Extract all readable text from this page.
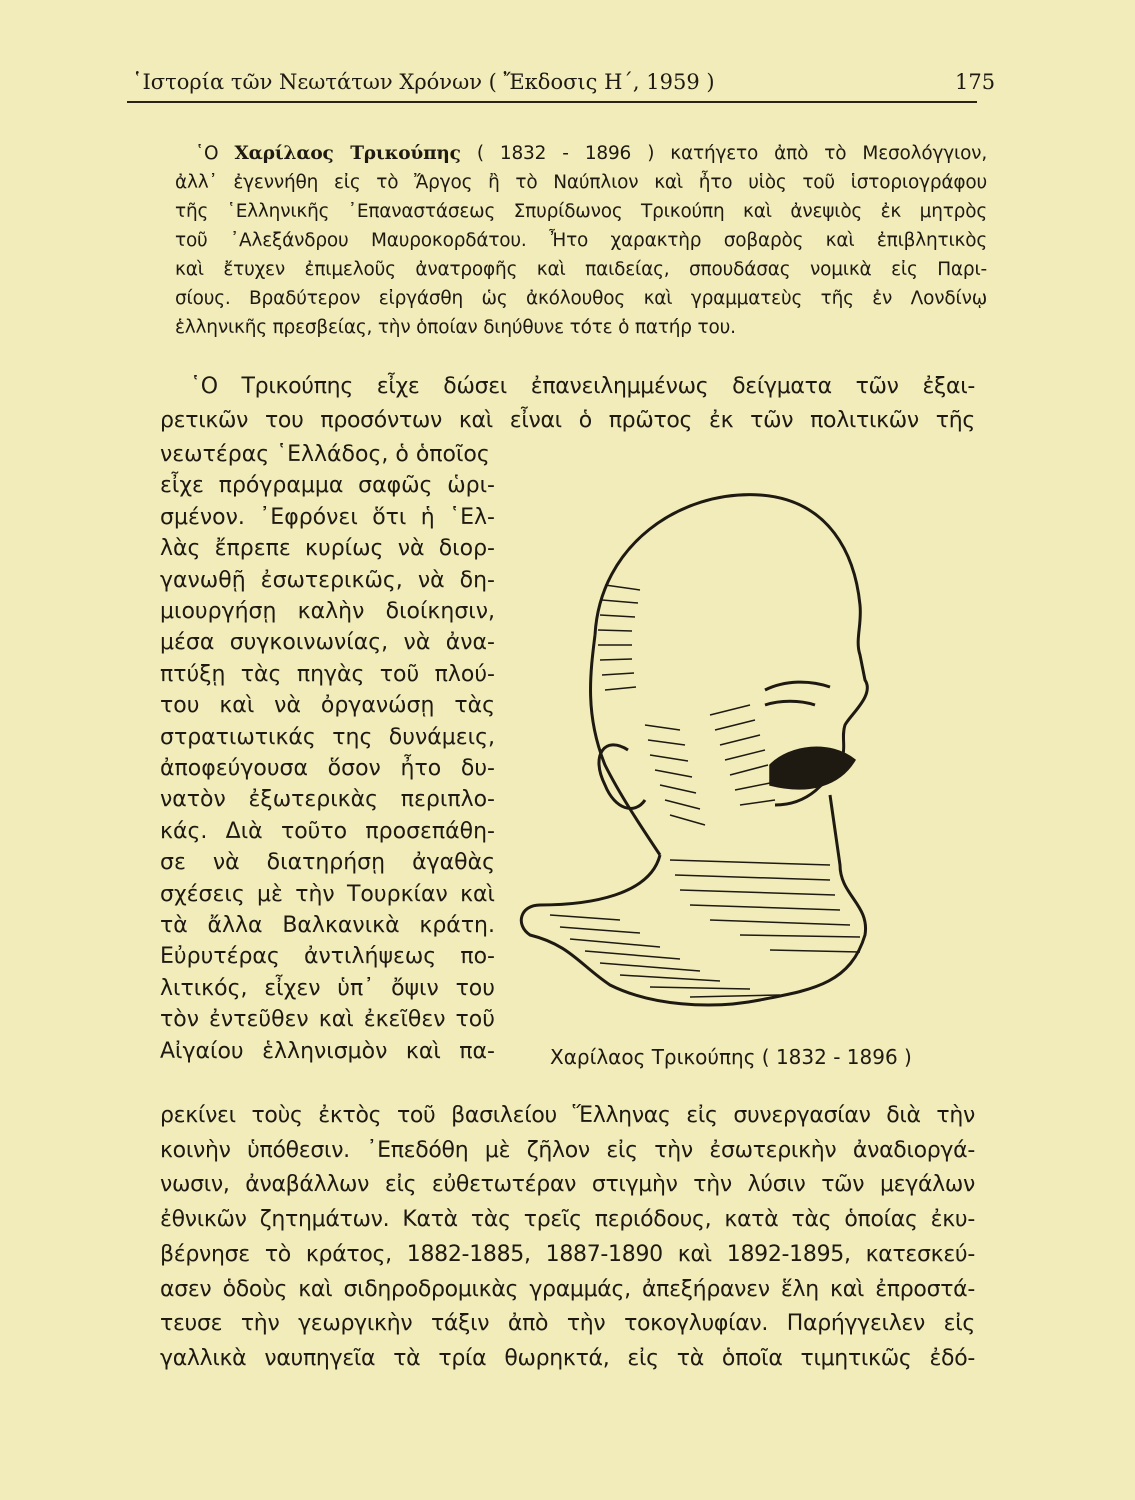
῾Ιστορία τῶν Νεωτάτων Χρόνων ( Ἔκδοσις Η΄, 1959 )	175
῾Ο Χαρίλαος Τρικούπης ( 1832 - 1896 ) κατήγετο ἀπὸ τὸ Μεσολόγγιον,
ἀλλ᾽ ἐγεννήθη εἰς τὸ Ἄργος ἢ τὸ Ναύπλιον καὶ ἦτο υἱὸς τοῦ ἱστοριογράφου
τῆς ῾Ελληνικῆς ᾽Επαναστάσεως Σπυρίδωνος Τρικούπη καὶ ἀνεψιὸς ἐκ μητρὸς
τοῦ ᾽Αλεξάνδρου Μαυροκορδάτου. Ἦτο χαρακτὴρ σοβαρὸς καὶ ἐπιβλητικὸς
καὶ ἔτυχεν ἐπιμελοῦς ἀνατροφῆς καὶ παιδείας, σπουδάσας νομικὰ εἰς Παρι-
σίους. Βραδύτερον εἰργάσθη ὡς ἀκόλουθος καὶ γραμματεὺς τῆς ἐν Λονδίνῳ
ἑλληνικῆς πρεσβείας, τὴν ὁποίαν διηύθυνε τότε ὁ πατήρ του.
῾Ο Τρικούπης εἶχε δώσει ἐπανειλημμένως δείγματα τῶν ἐξαι-
ρετικῶν του προσόντων καὶ εἶναι ὁ πρῶτος ἐκ τῶν πολιτικῶν τῆς
νεωτέρας ῾Ελλάδος, ὁ ὁποῖος
εἶχε πρόγραμμα σαφῶς ὡρι-
σμένον. ᾽Εφρόνει ὅτι ἡ ῾Ελ-
λὰς ἔπρεπε κυρίως νὰ διορ-
γανωθῇ ἐσωτερικῶς, νὰ δη-
μιουργήσῃ καλὴν διοίκησιν,
μέσα συγκοινωνίας, νὰ ἀνα-
πτύξῃ τὰς πηγὰς τοῦ πλού-
του καὶ νὰ ὀργανώσῃ τὰς
στρατιωτικάς της δυνάμεις,
ἀποφεύγουσα ὅσον ἦτο δυ-
νατὸν ἐξωτερικὰς περιπλο-
κάς. Διὰ τοῦτο προσεπάθη-
σε νὰ διατηρήσῃ ἀγαθὰς
σχέσεις μὲ τὴν Τουρκίαν καὶ
τὰ ἄλλα Βαλκανικὰ κράτη.
Εὐρυτέρας ἀντιλήψεως πο-
λιτικός, εἶχεν ὑπ᾽ ὄψιν του
τὸν ἐντεῦθεν καὶ ἐκεῖθεν τοῦ
Αἰγαίου ἑλληνισμὸν καὶ πα-
ρεκίνει τοὺς ἐκτὸς τοῦ βασιλείου Ἕλληνας εἰς συνεργασίαν διὰ τὴν
κοινὴν ὑπόθεσιν. ᾽Επεδόθη μὲ ζῆλον εἰς τὴν ἐσωτερικὴν ἀναδιοργά-
νωσιν, ἀναβάλλων εἰς εὐθετωτέραν στιγμὴν τὴν λύσιν τῶν μεγάλων
ἐθνικῶν ζητημάτων. Κατὰ τὰς τρεῖς περιόδους, κατὰ τὰς ὁποίας ἐκυ-
βέρνησε τὸ κράτος, 1882-1885, 1887-1890 καὶ 1892-1895, κατεσκεύ-
ασεν ὁδοὺς καὶ σιδηροδρομικὰς γραμμάς, ἀπεξήρανεν ἕλη καὶ ἐπροστά-
τευσε τὴν γεωργικὴν τάξιν ἀπὸ τὴν τοκογλυφίαν. Παρήγγειλεν εἰς
γαλλικὰ ναυπηγεῖα τὰ τρία θωρηκτά, εἰς τὰ ὁποῖα τιμητικῶς ἐδό-
Χαρίλαος Τρικούπης ( 1832 - 1896 )
